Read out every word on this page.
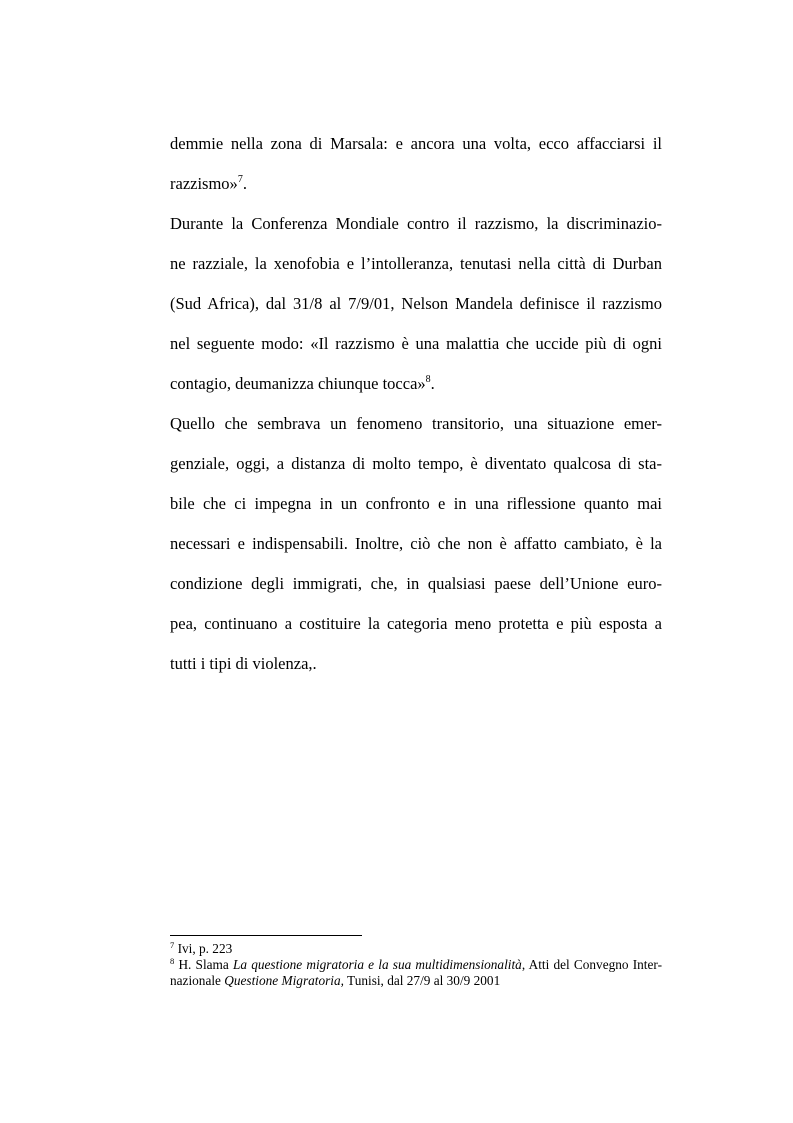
demmie nella zona di Marsala: e ancora una volta, ecco affacciarsi il
razzismo»$^7$.
Durante la Conferenza Mondiale contro il razzismo, la discriminazio-
ne razziale, la xenofobia e l’intolleranza, tenutasi nella città di Durban
(Sud Africa), dal 31/8 al 7/9/01, Nelson Mandela definisce il razzismo
nel seguente modo: «Il razzismo è una malattia che uccide più di ogni
contagio, deumanizza chiunque tocca»$^8$.
Quello che sembrava un fenomeno transitorio, una situazione emer-
genziale, oggi, a distanza di molto tempo, è diventato qualcosa di sta-
bile che ci impegna in un confronto e in una riflessione quanto mai
necessari e indispensabili. Inoltre, ciò che non è affatto cambiato, è la
condizione degli immigrati, che, in qualsiasi paese dell’Unione euro-
pea, continuano a costituire la categoria meno protetta e più esposta a
tutti i tipi di violenza,.
$^7$ Ivi, p. 223
$^8$ H. Slama La questione migratoria e la sua multidimensionalità, Atti del Convegno Inter-
nazionale Questione Migratoria, Tunisi, dal 27/9 al 30/9 2001
